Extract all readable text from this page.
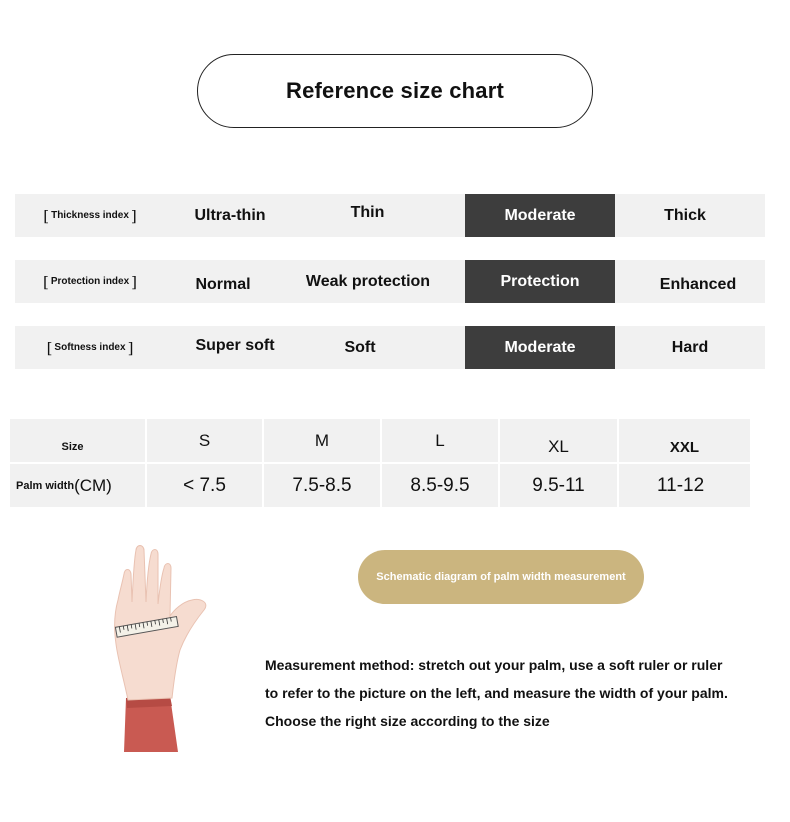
Reference size chart
[ Thickness index ]	Ultra-thin	Thin	Moderate	Thick
[ Protection index ]	Normal	Weak protection	Protection	Enhanced
[ Softness index ]	Super soft	Soft	Moderate	Hard
Size	S	M	L	XL	XXL
Palm width (CM)	< 7.5	7.5-8.5	8.5-9.5	9.5-11	11-12
Schematic diagram of palm width measurement
Measurement method: stretch out your palm, use a soft ruler or ruler
to refer to the picture on the left, and measure the width of your palm.
Choose the right size according to the size
